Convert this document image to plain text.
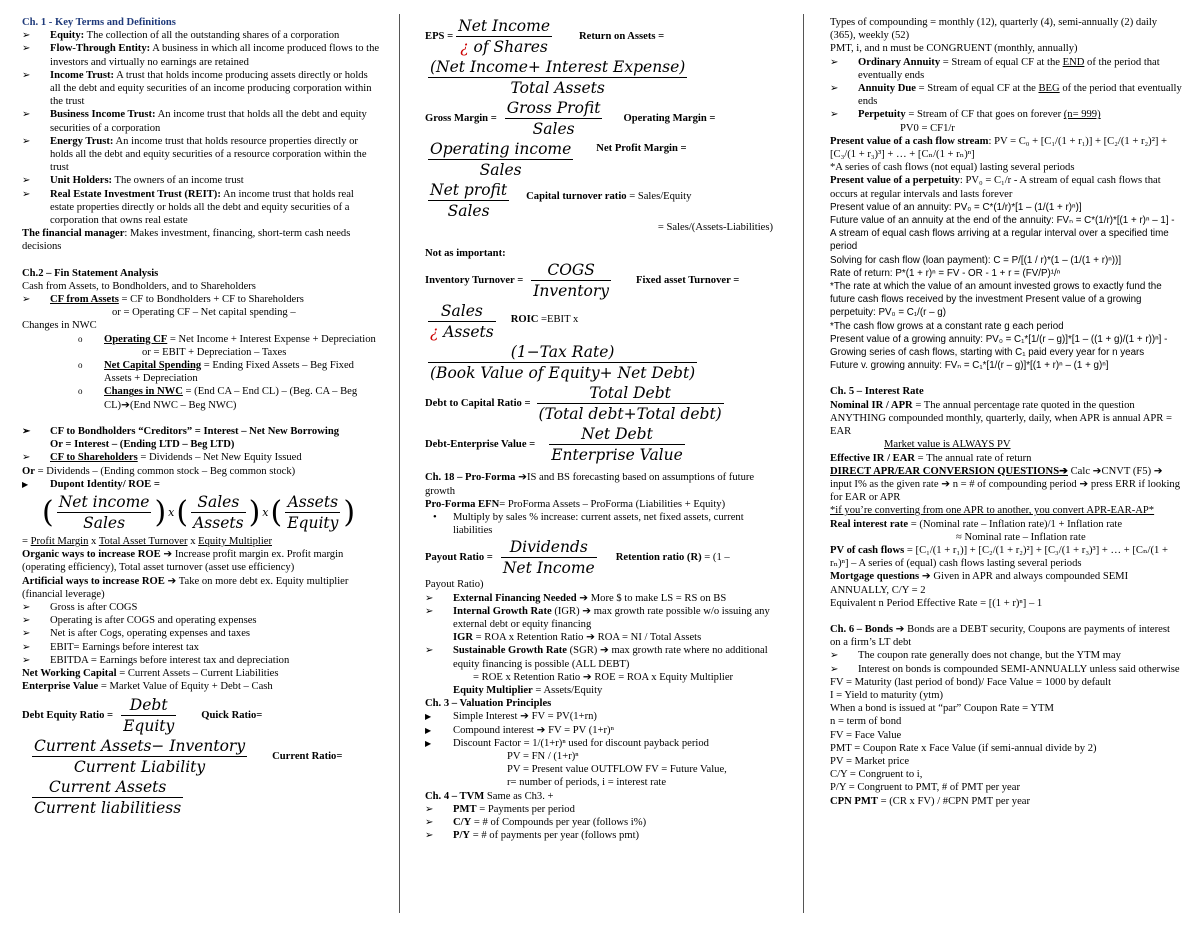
Ch. 1 - Key Terms and Definitions
➢ Equity: The collection of all the outstanding shares of a corporation
➢ Flow-Through Entity: A business in which all income produced flows to the investors and virtually no earnings are retained
➢ Income Trust: A trust that holds income producing assets directly or holds all the debt and equity securities of an income producing corporation within the trust
➢ Business Income Trust: An income trust that holds all the debt and equity securities of a corporation
➢ Energy Trust: An income trust that holds resource properties directly or holds all the debt and equity securities of a resource corporation within the trust
➢ Unit Holders: The owners of an income trust
➢ Real Estate Investment Trust (REIT): An income trust that holds real estate properties directly or holds all the debt and equity securities of a corporation that owns real estate
The financial manager: Makes investment, financing, short-term cash needs decisions
Ch.2 – Fin Statement Analysis
Cash from Assets, to Bondholders, and to Shareholders
➢ CF from Assets = CF to Bondholders + CF to Shareholders
or = Operating CF – Net capital spending –
Changes in NWC
o Operating CF = Net Income + Interest Expense + Depreciation
or = EBIT + Depreciation – Taxes
o Net Capital Spending = Ending Fixed Assets – Beg Fixed Assets + Depreciation
o Changes in NWC = (End CA – End CL) – (Beg. CA – Beg CL)➔(End NWC – Beg NWC)
➢ CF to Bondholders “Creditors” = Interest – Net New Borrowing
Or = Interest – (Ending LTD – Beg LTD)
➢ CF to Shareholders = Dividends – Net New Equity Issued
Or = Dividends – (Ending common stock – Beg common stock)
▶ Dupont Identity/ ROE =
( $\frac{\text{Net income}}{\text{Sales}}$ ) x ( $\frac{\text{Sales}}{\text{Assets}}$ ) x ( $\frac{\text{Assets}}{\text{Equity}}$ )
= Profit Margin x Total Asset Turnover x Equity Multiplier
Organic ways to increase ROE ➔ Increase profit margin ex. Profit margin (operating efficiency), Total asset turnover (asset use efficiency)
Artificial ways to increase ROE ➔ Take on more debt ex. Equity multiplier (financial leverage)
➢ Gross is after COGS
➢ Operating is after COGS and operating expenses
➢ Net is after Cogs, operating expenses and taxes
➢ EBIT= Earnings before interest tax
➢ EBITDA = Earnings before interest tax and depreciation
Net Working Capital = Current Assets – Current Liabilities
Enterprise Value = Market Value of Equity + Debt – Cash
Debt Equity Ratio = $\frac{\text{Debt}}{\text{Equity}}$ Quick Ratio=
$\frac{\text{Current Assets− Inventory}}{\text{Current Liability}}$ Current Ratio=
$\frac{\text{Current Assets}}{\text{Current liabilitiess}}$
EPS = $\frac{\text{Net Income}}{\text{¿ of Shares}}$	Return on Assets =
$\frac{\text{(Net Income+ Interest Expense)}}{\text{Total Assets}}$
Gross Margin = $\frac{\text{Gross Profit}}{\text{Sales}}$ Operating Margin =
$\frac{\text{Operating income}}{\text{Sales}}$ Net Profit Margin =
$\frac{\text{Net profit}}{\text{Sales}}$ Capital turnover ratio = Sales/Equity
= Sales/(Assets-Liabilities)
Not as important:
Inventory Turnover = $\frac{\text{COGS}}{\text{Inventory}}$ Fixed asset Turnover =
$\frac{\text{Sales}}{\text{¿ Assets}}$ ROIC =EBIT x
$\frac{\text{(1−Tax Rate)}}{\text{(Book Value of Equity+ Net Debt)}}$
Debt to Capital Ratio = $\frac{\text{Total Debt}}{\text{(Total debt+Total debt)}}$
Debt-Enterprise Value = $\frac{\text{Net Debt}}{\text{Enterprise Value}}$
Ch. 18 – Pro-Forma ➔IS and BS forecasting based on assumptions of future growth
Pro-Forma EFN= ProForma Assets – ProForma (Liabilities + Equity)
• Multiply by sales % increase: current assets, net fixed assets, current liabilities
Payout Ratio = $\frac{\text{Dividends}}{\text{Net Income}}$ Retention ratio (R) = (1 –
Payout Ratio)
➢ External Financing Needed ➔ More $ to make LS = RS on BS
➢ Internal Growth Rate (IGR) ➔ max growth rate possible w/o issuing any external debt or equity financing
IGR = ROA x Retention Ratio ➔ ROA = NI / Total Assets
➢ Sustainable Growth Rate (SGR) ➔ max growth rate where no additional equity financing is possible (ALL DEBT)
= ROE x Retention Ratio ➔ ROE = ROA x Equity Multiplier
Equity Multiplier = Assets/Equity
Ch. 3 – Valuation Principles
▶ Simple Interest ➔ FV = PV(1+rn)
▶ Compound interest ➔ FV = PV (1+r)ⁿ
▶ Discount Factor = 1/(1+r)ⁿ used for discount payback period
PV = FN / (1+r)ⁿ
PV = Present value OUTFLOW FV = Future Value,
r= number of periods, i = interest rate
Ch. 4 – TVM Same as Ch3. +
➢ PMT = Payments per period
➢ C/Y = # of Compounds per year (follows i%)
➢ P/Y = # of payments per year (follows pmt)
Types of compounding = monthly (12), quarterly (4), semi-annually (2) daily (365), weekly (52)
PMT, i, and n must be CONGRUENT (monthly, annually)
➢ Ordinary Annuity = Stream of equal CF at the END of the period that eventually ends
➢ Annuity Due = Stream of equal CF at the BEG of the period that eventually ends
➢ Perpetuity = Stream of CF that goes on forever (n= 999)
PV0 = CF1/r
Present value of a cash flow stream: PV = C₀ + [C₁/(1 + r₁)] + [C₂/(1 + r₂)²] + [C₃/(1 + r₃)³] + … + [Cₙ/(1 + rₙ)ⁿ]
*A series of cash flows (not equal) lasting several periods
Present value of a perpetuity: PV₀ = C₁/r - A stream of equal cash flows that occurs at regular intervals and lasts forever
Present value of an annuity: PV₀ = C*(1/r)*[1 – (1/(1 + r)ⁿ)]
Future value of an annuity at the end of the annuity: FVₙ = C*(1/r)*[(1 + r)ⁿ – 1] - A stream of equal cash flows arriving at a regular interval over a specified time period
Solving for cash flow (loan payment): C = P/[(1 / r)*(1 – (1/(1 + r)ⁿ))]
Rate of return: P*(1 + r)ⁿ = FV - OR - 1 + r = (FV/P)¹/ⁿ
*The rate at which the value of an amount invested grows to exactly fund the future cash flows received by the investment Present value of a growing perpetuity: PV₀ = C₁/(r – g)
*The cash flow grows at a constant rate g each period
Present value of a growing annuity: PV₀ = C₁*[1/(r – g)]*[1 – ((1 + g)/(1 + r))ⁿ] - Growing series of cash flows, starting with C₁ paid every year for n years
Future v. growing annuity: FVₙ = C₁*[1/(r – g)]*[(1 + r)ⁿ – (1 + g)ⁿ]
Ch. 5 – Interest Rate
Nominal IR / APR = The annual percentage rate quoted in the question ANYTHING compounded monthly, quarterly, daily, when APR is annual APR = EAR
Market value is ALWAYS PV
Effective IR / EAR = The annual rate of return
DIRECT APR/EAR CONVERSION QUESTIONS➔ Calc ➔CNVT (F5) ➔ input I% as the given rate ➔ n = # of compounding period ➔ press ERR if looking for EAR or APR
*if you’re converting from one APR to another, you convert APR-EAR-AP*
Real interest rate = (Nominal rate – Inflation rate)/1 + Inflation rate
≈ Nominal rate – Inflation rate
PV of cash flows = [C₁/(1 + r₁)] + [C₂/(1 + r₂)²] + [C₃/(1 + r₃)³] + … + [Cₙ/(1 + rₙ)ⁿ] – A series of (equal) cash flows lasting several periods
Mortgage questions ➔ Given in APR and always compounded SEMI ANNUALLY, C/Y = 2
Equivalent n Period Effective Rate = [(1 + r)ⁿ] – 1
Ch. 6 – Bonds ➔ Bonds are a DEBT security, Coupons are payments of interest on a firm’s LT debt
➢ The coupon rate generally does not change, but the YTM may
➢ Interest on bonds is compounded SEMI-ANNUALLY unless said otherwise
FV = Maturity (last period of bond)/ Face Value = 1000 by default
I = Yield to maturity (ytm)
When a bond is issued at “par” Coupon Rate = YTM
n = term of bond
FV = Face Value
PMT = Coupon Rate x Face Value (if semi-annual divide by 2)
PV = Market price
C/Y = Congruent to i,
P/Y = Congruent to PMT, # of PMT per year
CPN PMT = (CR x FV) / #CPN PMT per year
